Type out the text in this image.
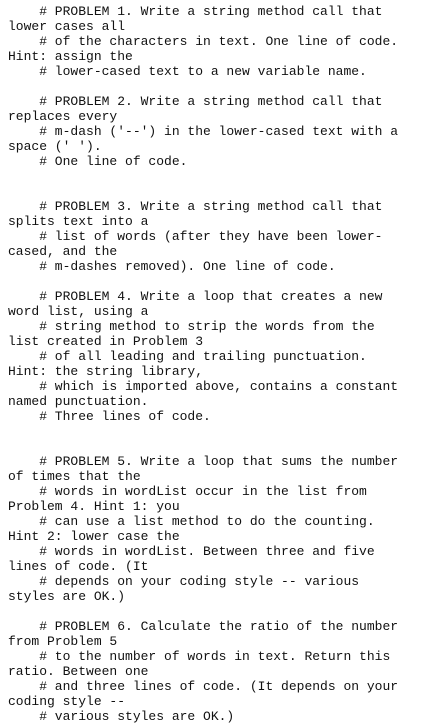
# PROBLEM 1. Write a string method call that
lower cases all
# of the characters in text. One line of code.
Hint: assign the
# lower-cased text to a new variable name.
# PROBLEM 2. Write a string method call that
replaces every
# m-dash ('--') in the lower-cased text with a
space (' ').
# One line of code.
# PROBLEM 3. Write a string method call that
splits text into a
# list of words (after they have been lower-
cased, and the
# m-dashes removed). One line of code.
# PROBLEM 4. Write a loop that creates a new
word list, using a
# string method to strip the words from the
list created in Problem 3
# of all leading and trailing punctuation.
Hint: the string library,
# which is imported above, contains a constant
named punctuation.
# Three lines of code.
# PROBLEM 5. Write a loop that sums the number
of times that the
# words in wordList occur in the list from
Problem 4. Hint 1: you
# can use a list method to do the counting.
Hint 2: lower case the
# words in wordList. Between three and five
lines of code. (It
# depends on your coding style -- various
styles are OK.)
# PROBLEM 6. Calculate the ratio of the number
from Problem 5
# to the number of words in text. Return this
ratio. Between one
# and three lines of code. (It depends on your
coding style --
# various styles are OK.)
